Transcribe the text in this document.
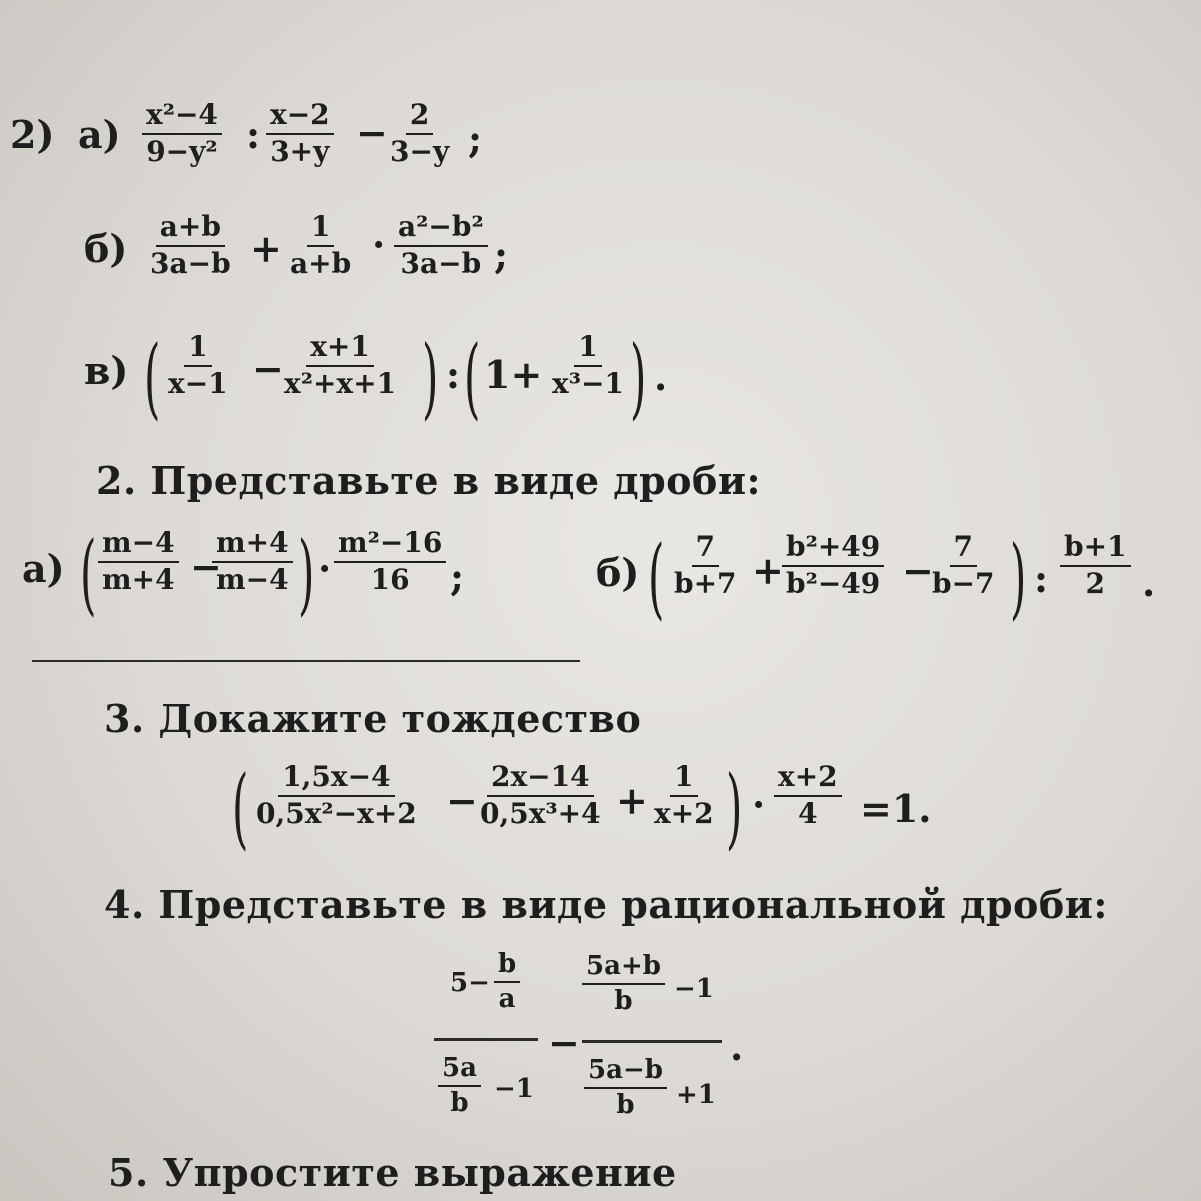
2) $а) \frac{\text{x²−4}}{\text{9−y²}}$ : $\frac{x-2}{3+y}$ −
$\frac{2}{3-y}$ ;
$б) \frac{a+b}{3a-b} + \frac{1}{a+b} \cdot \frac{\text{a²−b²}}{3a-b}$ ;
в) ( $\frac{1}{x-1}$ −
$\frac{x+1}{\text{x²+x+1}}$ ) : ( $1+ \frac{1}{\text{x³−1}}$ ) .
2. Представьте в виде дроби:
а) ( $\frac{m-4}{m+4}$ −
$\frac{m+4}{m-4}$ ) · $\frac{\text{m²−16}}{16}$ ;	б) ( $\frac{7}{b+7}$ +
$\frac{\text{b²+49}}{\text{b²−49}}$ −
$\frac{7}{b-7}$ ) : $\frac{b+1}{2}$ .
3. Докажите тождество
( $\frac{1,5x-4}{\text{0,5x²−x+2}}$ −
$\frac{2x-14}{\text{0,5x³+4}} + \frac{1}{x+2}$ ) · $\frac{x+2}{4} =1$.
4. Представьте в виде рациональной дроби:
$5- \frac{b}{a}$
$\frac{5a}{b} -1$
−
$\frac{5a+b}{b} -1$
$\frac{5a-b}{b} +1$
.
5. Упростите выражение
